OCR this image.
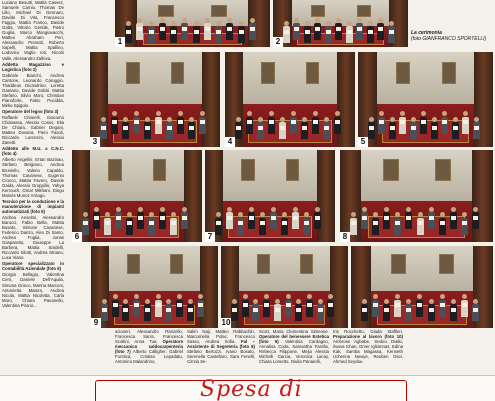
Luciano Besutti, Mattia Casvez, Samuele Carnio, Thomas De Lillo, Michael Di Gennaro, Davide Di Vita, Francesco Faggio, Mattia Franco, Davide Gatta, Vittorio Gentile, Pietro Guglia, Marco Mangiavacchi, Matteo Abraham Peri, Alessandro Presutti, Roberto Sapelli, Mattia Spallino, Lodovico Vaglio Iori, Nicolò Valle, Alessandro Zalfeva.

Addetto Magazzino e Logistica (foto 2)

Gabriele Bianchi, Andrea Cantone, Leonardo Caruggio, Thaddeus Dicandrino, Loretta Gaetano, Davide Gobbi, Mattia Stefano, Silvio Moro, Christian Pianoforte, Fabio Pucidda, Mirko Spigolo.

Operatore del legno (foto 3)

Raffaele Chiarelli, Giacomo Chiavassa, Alessio Cosso, Elia De Chiara, Gabriel Degani, Matteo Dovana, Piero Fasoli, Riccardo Lorenzini, Alessio Zanetti.

Addetto alle M.U. a C.N.C. (foto 4)

Alberto Angelini, Ertan Bazinao, Stefano Belgrano, Andrea Bruniello, Valerio Capaldo, Thomas Cavanese, Eugenio Crocco, Mattia Favero, Davide Gaida, Alessio Gruppillo, Yahya Kerrouch, Omar Mikhani, Diego Moisès Munoz Arriago.

Tecnico per la conduzione e la manutenzione di impianti automatizzati (foto 5)

Andrea Anselmi, Alessandro Barucci, Fabio Bella, Mattia Busato, Simone Cavanese, Federico Danzo, Alex Di Santo, Andrea Foglia, Jonas Gasparetto, Giuseppe La Barbera, Mattia Sardelli, Riccardo Silotti, Andrea Striano, Luca Viano.

Operatore specializzato in Contabilità Aziendale (foto 6)

Giorgia Bellagio, Valentina Cerri, Daniele Dell'Aquila, Simona Grieco, Marina Marconi, Antonietta Matera, Andrea Nicola, Mattia Nicoletta, Carla Moro, Chiara Pavanello, Valentina Pirorio...

1	2
3	4	5
6	7	8
9	10
La cerimonia
(foto GIANFRANCO SPORTELLI)
scioneri, Alessandro Ranzello, Francesca Sarra, Francesca Scollini, Anna Tua. Operatore meccanico saldocarpenteria (foto 7) Alberto Calligher, Gabriel Forstica, Cristian Lepadatu, Antonino Malandrino,
Salim Naji, Matteo Rabbachin, Marcomelia Polac, Francesco Sasso, Andrea Sofia. Fal – Assistente di Segreteria (foto 8) Stefano Bertozzi, Ivano Bosato, Serenella Castellaro, Sara Fenelli, Cinzia Se-
Scott, Maria Clementina Simeone. Operatore del benessere Estetica (foto 9) Valentina Cardagno, Annalisa Coda, Samantha Farella, Rebecca Filippone, Mejia Alessia Michelli Garcia, Veronica Lacay, Chiara Lorsetto, Giulia Panarelli,
Iris Rocchetto, Giada Staffieri. Preparazione al lavoro (foto 10) Ambrose Agbabe, Sedou Diallo, Ilvana Ichan, Omer Iglsimnas, Edina Kak, Samba Magassa, Kenneth Uchenna Nwoye, Reuben Osei, Ahmed Seydou.
Spesa di
